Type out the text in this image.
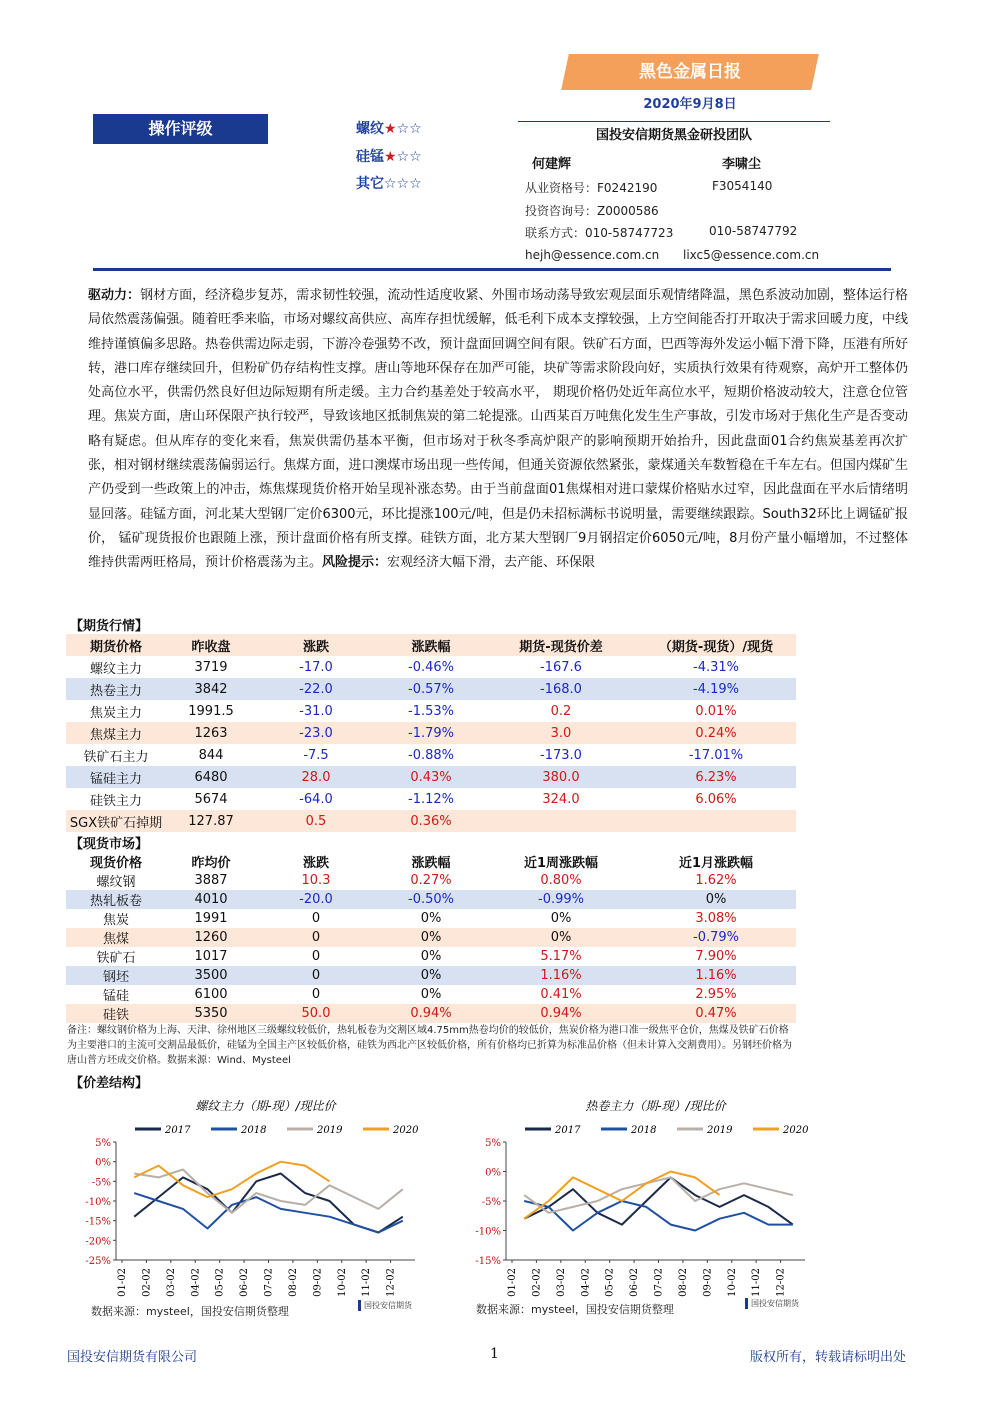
黑色金属日报
2020年9月8日
操作评级	螺纹★☆☆
硅锰★☆☆
其它☆☆☆
国投安信期货黑金研投团队
何建辉	李啸尘
从业资格号：F0242190	F3054140
投资咨询号：Z0000586
联系方式：010-58747723	010-58747792
hejh@essence.com.cn lixc5@essence.com.cn
驱动力：钢材方面，经济稳步复苏，需求韧性较强，流动性适度收紧、外围市场动荡导致宏观层面乐观情绪降温，黑色系波动加剧，整体运行格局依然震荡偏强。随着旺季来临，市场对螺纹高供应、高库存担忧缓解，低毛利下成本支撑较强，上方空间能否打开取决于需求回暖力度，中线维持谨慎偏多思路。热卷供需边际走弱，下游冷卷强势不改，预计盘面回调空间有限。铁矿石方面，巴西等海外发运小幅下滑下降，压港有所好转，港口库存继续回升，但粉矿仍存结构性支撑。唐山等地环保存在加严可能，块矿等需求阶段向好，实质执行效果有待观察，高炉开工整体仍处高位水平，供需仍然良好但边际短期有所走缓。主力合约基差处于较高水平， 期现价格仍处近年高位水平，短期价格波动较大，注意仓位管理。焦炭方面，唐山环保限产执行较严，导致该地区抵制焦炭的第二轮提涨。山西某百万吨焦化发生生产事故，引发市场对于焦化生产是否变动略有疑虑。但从库存的变化来看，焦炭供需仍基本平衡，但市场对于秋冬季高炉限产的影响预期开始抬升，因此盘面01合约焦炭基差再次扩张，相对钢材继续震荡偏弱运行。焦煤方面，进口澳煤市场出现一些传闻，但通关资源依然紧张，蒙煤通关车数暂稳在千车左右。但国内煤矿生产仍受到一些政策上的冲击，炼焦煤现货价格开始呈现补涨态势。由于当前盘面01焦煤相对进口蒙煤价格贴水过窄，因此盘面在平水后情绪明显回落。硅锰方面，河北某大型钢厂定价6300元，环比提涨100元/吨，但是仍未招标满标书说明量，需要继续跟踪。South32环比上调锰矿报价， 锰矿现货报价也跟随上涨，预计盘面价格有所支撑。硅铁方面，北方某大型钢厂9月钢招定价6050元/吨，8月份产量小幅增加，不过整体维持供需两旺格局，预计价格震荡为主。风险提示：宏观经济大幅下滑，去产能、环保限
【期货行情】
期货价格	昨收盘	涨跌	涨跌幅	期货-现货价差	（期货-现货）/现货
螺纹主力	3719	-17.0	-0.46%	-167.6	-4.31%
热卷主力	3842	-22.0	-0.57%	-168.0	-4.19%
焦炭主力	1991.5	-31.0	-1.53%	0.2	0.01%
焦煤主力	1263	-23.0	-1.79%	3.0	0.24%
铁矿石主力	844	-7.5	-0.88%	-173.0	-17.01%
锰硅主力	6480	28.0	0.43%	380.0	6.23%
硅铁主力	5674	-64.0	-1.12%	324.0	6.06%
SGX铁矿石掉期	127.87	0.5	0.36%		
【现货市场】
现货价格	昨均价	涨跌	涨跌幅	近1周涨跌幅	近1月涨跌幅
螺纹钢	3887	10.3	0.27%	0.80%	1.62%
热轧板卷	4010	-20.0	-0.50%	-0.99%	0%
焦炭	1991	0	0%	0%	3.08%
焦煤	1260	0	0%	0%	-0.79%
铁矿石	1017	0	0%	5.17%	7.90%
钢坯	3500	0	0%	1.16%	1.16%
锰硅	6100	0	0%	0.41%	2.95%
硅铁	5350	50.0	0.94%	0.94%	0.47%
备注：螺纹钢价格为上海、天津、徐州地区三级螺纹较低价，热轧板卷为交割区域4.75mm热卷均价的较低价，焦炭价格为港口准一级焦平仓价，焦煤及铁矿石价格为主要港口的主流可交割品最低价，硅锰为全国主产区较低价格，硅铁为西北产区较低价格，所有价格均已折算为标准品价格（但未计算入交割费用）。另钢坯价格为唐山普方坯成交价格。数据来源：Wind、Mysteel
【价差结构】
螺纹主力（期-现）/现比价
2017	2018	2019	2020
5%
0%
-5%
-10%
-15%
-20%
-25%
01-02 02-02 03-02 04-02 05-02 06-02 07-02 08-02 09-02 10-02 11-02 12-02
热卷主力（期-现）/现比价
2017	2018	2019	2020
5%
0%
-5%
-10%
-15%
01-02 02-02 03-02 04-02 05-02 06-02 07-02 08-02 09-02 10-02 11-02 12-02
数据来源：mysteel，国投安信期货整理	国投安信期货	数据来源：mysteel，国投安信期货整理	国投安信期货
国投安信期货有限公司	1	版权所有，转载请标明出处
